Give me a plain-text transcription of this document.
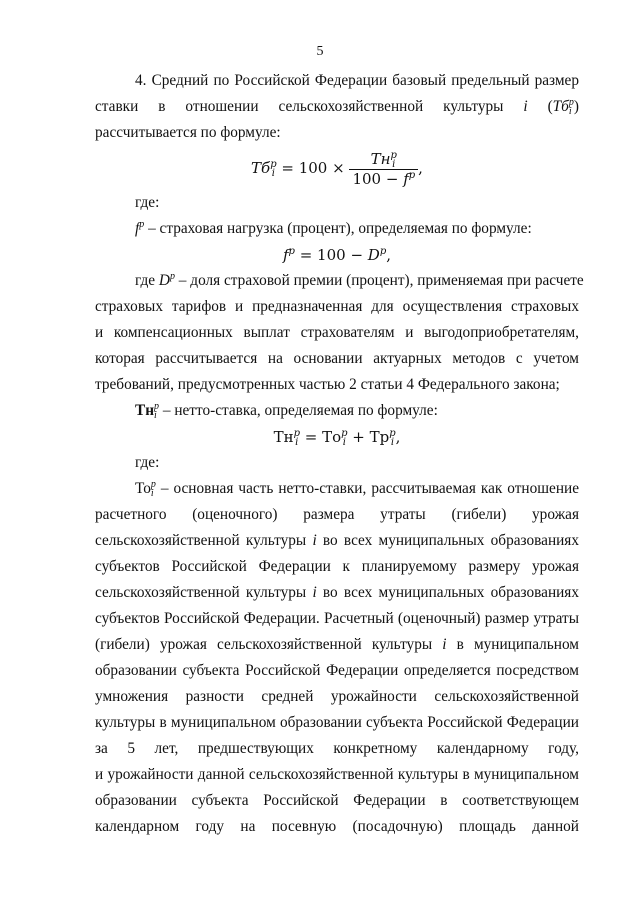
5
4. Средний по Российской Федерации базовый предельный размер
ставки    в    отношении    сельскохозяйственной    культуры    i    (Тб p
i )
рассчитывается по формуле:
Тб p
i = 100 × Тн p
i
$100 - f^p$ ,
где:
$f^p$ – страховая нагрузка (процент), определяемая по формуле:
$f^p = 100 - D^p$,
где $D^p$ – доля страховой премии (процент), применяемая при расчете
страховых тарифов и предназначенная для осуществления страховых
и компенсационных выплат страхователям и выгодоприобретателям,
которая рассчитывается на основании актуарных методов с учетом
требований, предусмотренных частью 2 статьи 4 Федерального закона;
Тн p
i – нетто-ставка, определяемая по формуле:
Тн p
i = То p
i + Тр p
i ,
где:
То p
i – основная часть нетто-ставки, рассчитываемая как отношение
расчетного (оценочного) размера утраты (гибели) урожая
сельскохозяйственной культуры i во всех муниципальных образованиях
субъектов Российской Федерации к планируемому размеру урожая
сельскохозяйственной культуры i во всех муниципальных образованиях
субъектов Российской Федерации. Расчетный (оценочный) размер утраты
(гибели) урожая сельскохозяйственной культуры i в муниципальном
образовании субъекта Российской Федерации определяется посредством
умножения разности средней урожайности сельскохозяйственной
культуры в муниципальном образовании субъекта Российской Федерации
за 5 лет, предшествующих конкретному календарному году,
и урожайности данной сельскохозяйственной культуры в муниципальном
образовании субъекта Российской Федерации в соответствующем
календарном году на посевную (посадочную) площадь данной
